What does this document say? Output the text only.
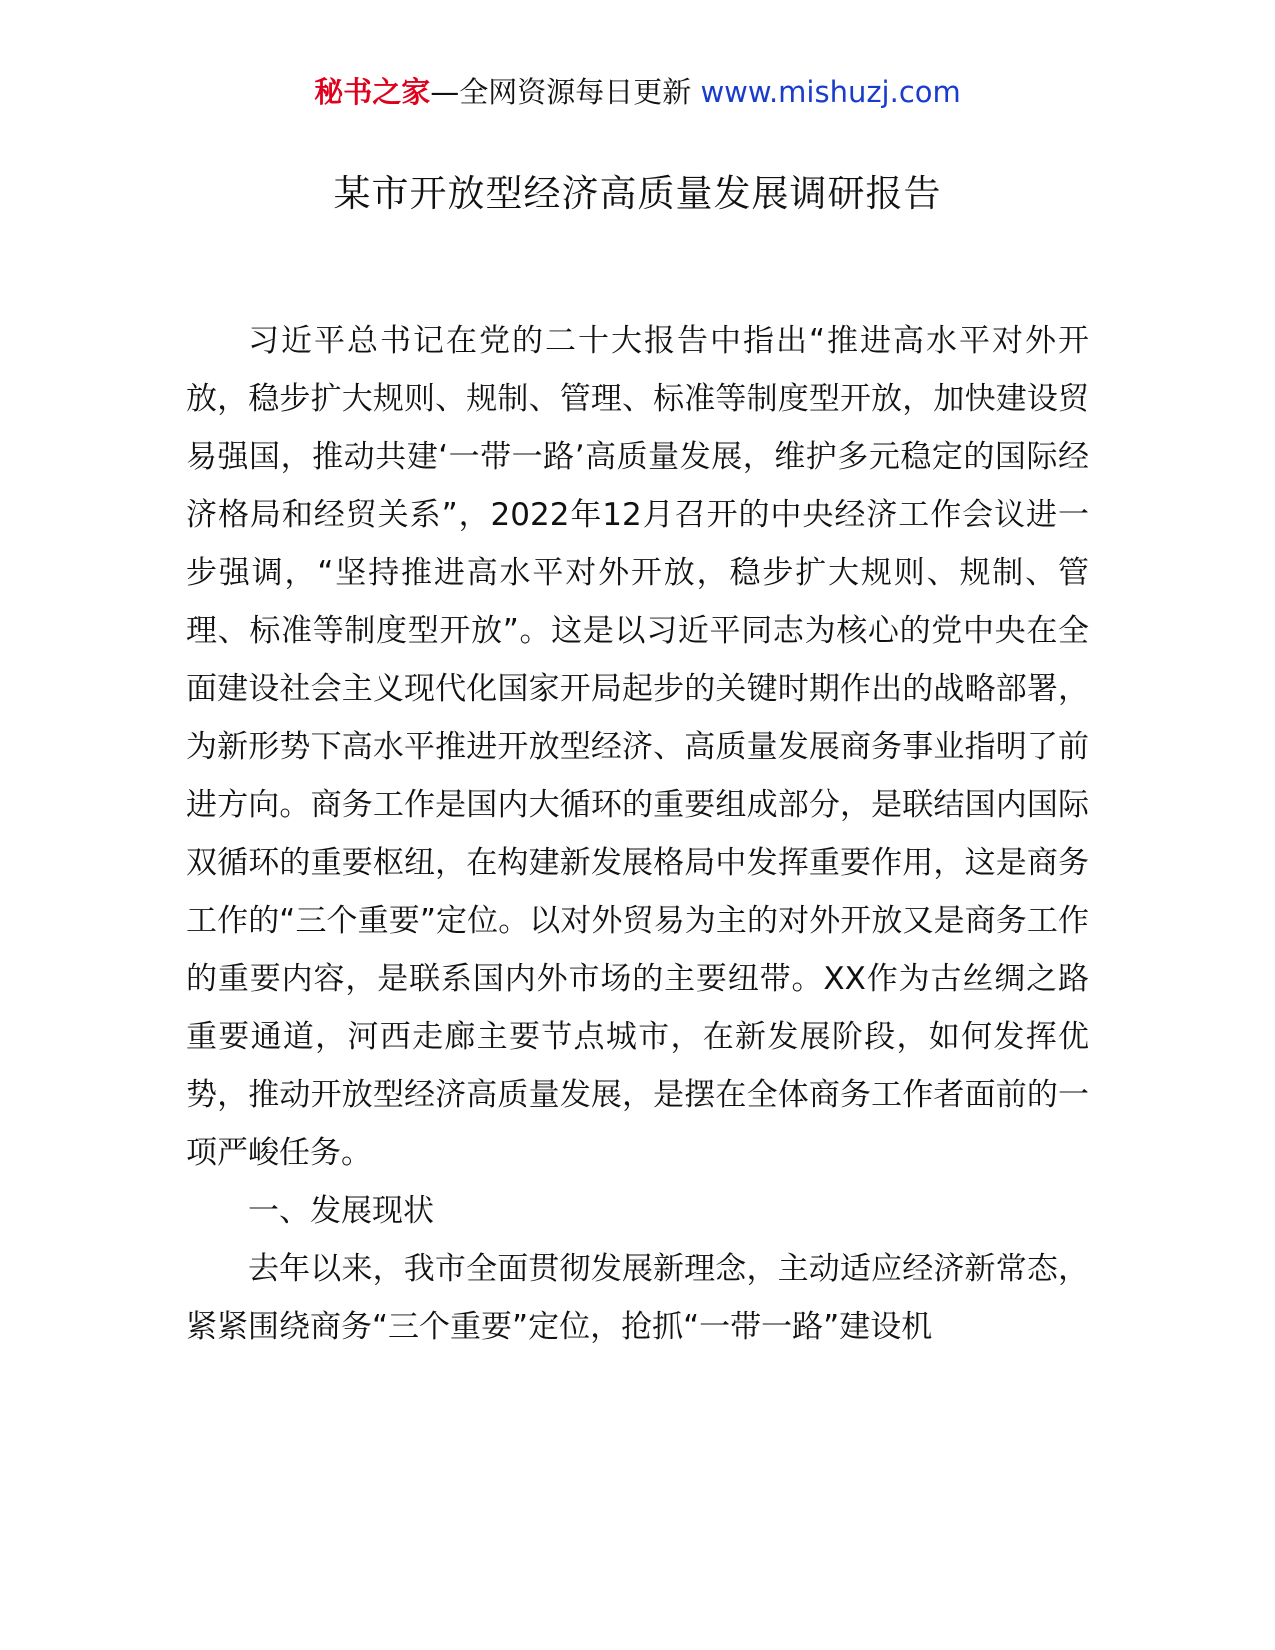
秘书之家—全网资源每日更新 www.mishuzj.com
某市开放型经济高质量发展调研报告

习近平总书记在党的二十大报告中指出“推进高水平对外开放，稳步扩大规则、规制、管理、标准等制度型开放，加快建设贸易强国，推动共建‘一带一路’高质量发展，维护多元稳定的国际经济格局和经贸关系”，2022年12月召开的中央经济工作会议进一步强调，“坚持推进高水平对外开放，稳步扩大规则、规制、管理、标准等制度型开放”。这是以习近平同志为核心的党中央在全面建设社会主义现代化国家开局起步的关键时期作出的战略部署，为新形势下高水平推进开放型经济、高质量发展商务事业指明了前进方向。商务工作是国内大循环的重要组成部分，是联结国内国际双循环的重要枢纽，在构建新发展格局中发挥重要作用，这是商务工作的“三个重要”定位。以对外贸易为主的对外开放又是商务工作的重要内容，是联系国内外市场的主要纽带。XX作为古丝绸之路重要通道，河西走廊主要节点城市，在新发展阶段，如何发挥优势，推动开放型经济高质量发展，是摆在全体商务工作者面前的一项严峻任务。

一、发展现状

去年以来，我市全面贯彻发展新理念，主动适应经济新常态，紧紧围绕商务“三个重要”定位，抢抓“一带一路”建设机
